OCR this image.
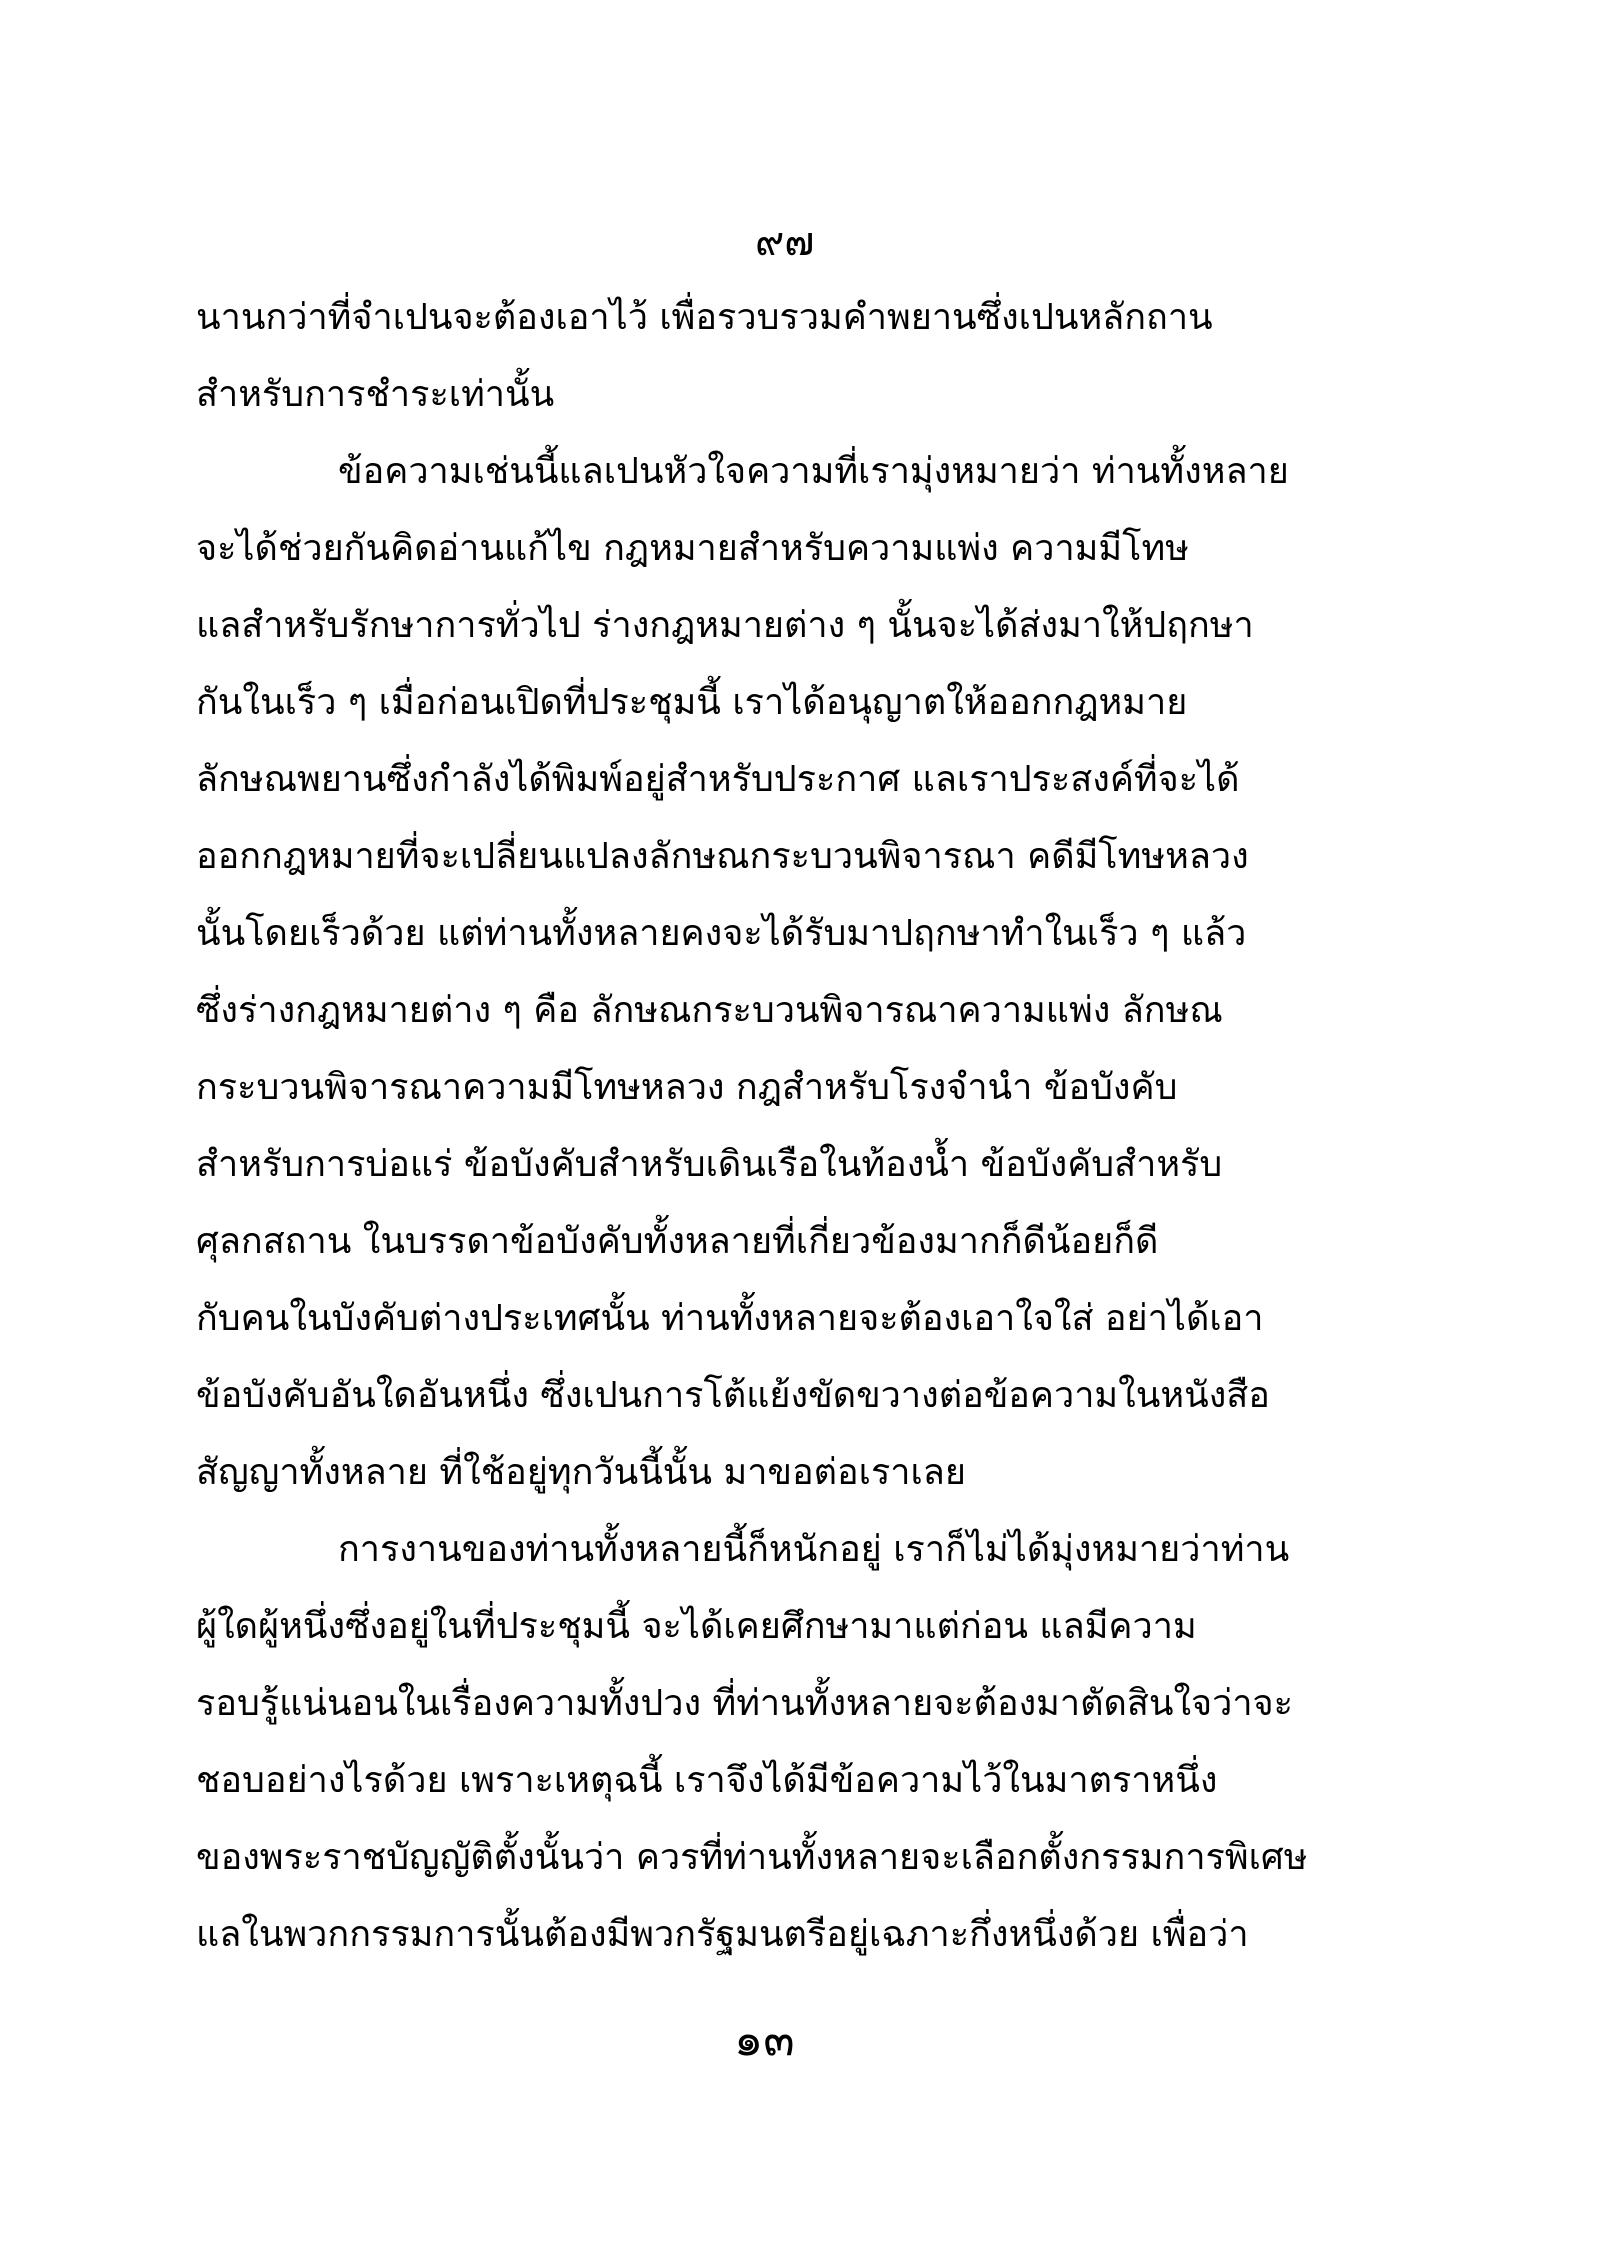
๙๗
นานกว่าที่จำเปนจะต้องเอาไว้ เพื่อรวบรวมคำพยานซึ่งเปนหลักถาน
สำหรับการชำระเท่านั้น
ข้อความเช่นนี้แลเปนหัวใจความที่เรามุ่งหมายว่า ท่านทั้งหลาย
จะได้ช่วยกันคิดอ่านแก้ไข กฎหมายสำหรับความแพ่ง ความมีโทษ
แลสำหรับรักษาการทั่วไป ร่างกฎหมายต่าง ๆ นั้นจะได้ส่งมาให้ปฤกษา
กันในเร็ว ๆ เมื่อก่อนเปิดที่ประชุมนี้ เราได้อนุญาตให้ออกกฎหมาย
ลักษณพยานซึ่งกำลังได้พิมพ์อยู่สำหรับประกาศ แลเราประสงค์ที่จะได้
ออกกฎหมายที่จะเปลี่ยนแปลงลักษณกระบวนพิจารณา คดีมีโทษหลวง
นั้นโดยเร็วด้วย แต่ท่านทั้งหลายคงจะได้รับมาปฤกษาทำในเร็ว ๆ แล้ว
ซึ่งร่างกฎหมายต่าง ๆ คือ ลักษณกระบวนพิจารณาความแพ่ง ลักษณ
กระบวนพิจารณาความมีโทษหลวง กฎสำหรับโรงจำนำ ข้อบังคับ
สำหรับการบ่อแร่ ข้อบังคับสำหรับเดินเรือในท้องน้ำ ข้อบังคับสำหรับ
ศุลกสถาน ในบรรดาข้อบังคับทั้งหลายที่เกี่ยวข้องมากก็ดีน้อยก็ดี
กับคนในบังคับต่างประเทศนั้น ท่านทั้งหลายจะต้องเอาใจใส่ อย่าได้เอา
ข้อบังคับอันใดอันหนึ่ง ซึ่งเปนการโต้แย้งขัดขวางต่อข้อความในหนังสือ
สัญญาทั้งหลาย ที่ใช้อยู่ทุกวันนี้นั้น มาขอต่อเราเลย
การงานของท่านทั้งหลายนี้ก็หนักอยู่ เราก็ไม่ได้มุ่งหมายว่าท่าน
ผู้ใดผู้หนึ่งซึ่งอยู่ในที่ประชุมนี้ จะได้เคยศึกษามาแต่ก่อน แลมีความ
รอบรู้แน่นอนในเรื่องความทั้งปวง ที่ท่านทั้งหลายจะต้องมาตัดสินใจว่าจะ
ชอบอย่างไรด้วย เพราะเหตุฉนี้ เราจึงได้มีข้อความไว้ในมาตราหนึ่ง
ของพระราชบัญญัติตั้งนั้นว่า ควรที่ท่านทั้งหลายจะเลือกตั้งกรรมการพิเศษ
แลในพวกกรรมการนั้นต้องมีพวกรัฐมนตรีอยู่เฉภาะกึ่งหนึ่งด้วย เพื่อว่า
๑๓
